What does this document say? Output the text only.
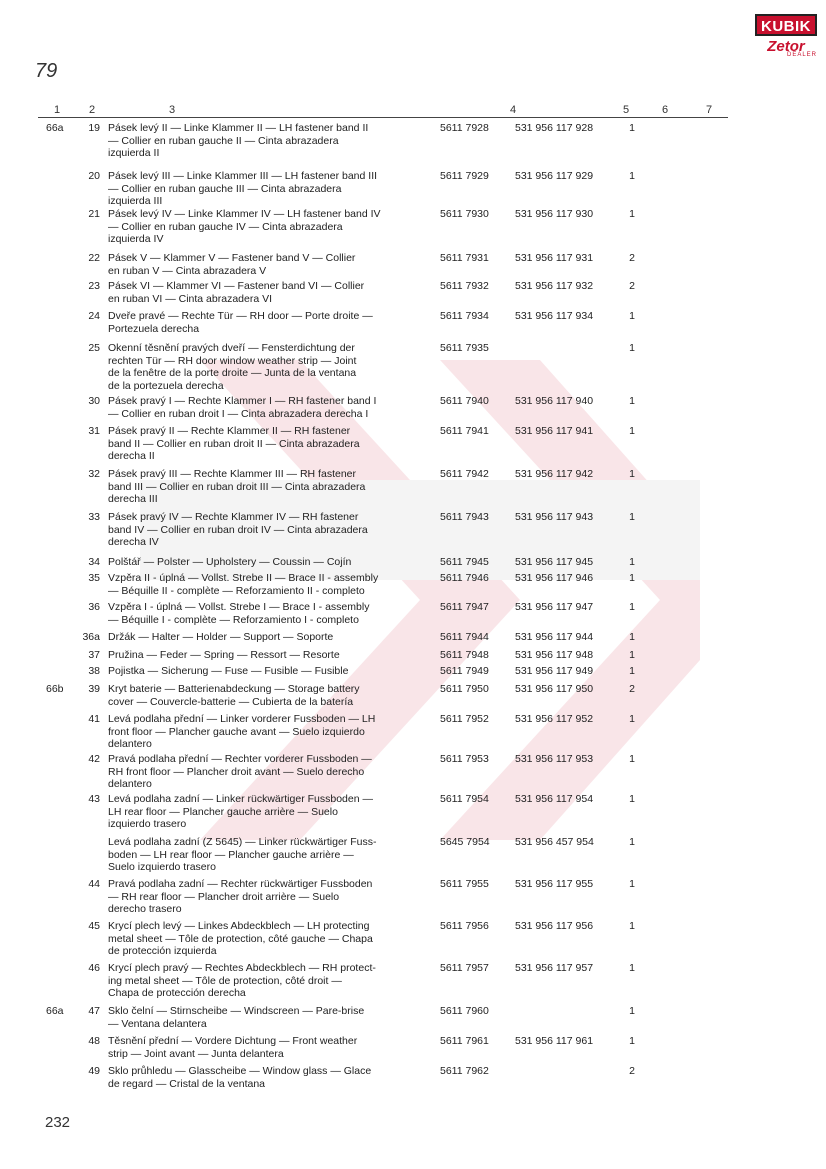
79
KUBIK
Zetor
DEALER
1	2	3	4	5	6	7
66a	19	5611 7928	531 956 117 928	1
Pásek levý II — Linke Klammer II — LH fastener band II
— Collier en ruban gauche II — Cinta abrazadera
izquierda II
20	5611 7929	531 956 117 929	1
Pásek levý III — Linke Klammer III — LH fastener band III
— Collier en ruban gauche III — Cinta abrazadera
izquierda III
21	5611 7930	531 956 117 930	1
Pásek levý IV — Linke Klammer IV — LH fastener band IV
— Collier en ruban gauche IV — Cinta abrazadera
izquierda IV
22	5611 7931	531 956 117 931	2
Pásek V — Klammer V — Fastener band V — Collier
en ruban V — Cinta abrazadera V
23	5611 7932	531 956 117 932	2
Pásek VI — Klammer VI — Fastener band VI — Collier
en ruban VI — Cinta abrazadera VI
24	5611 7934	531 956 117 934	1
Dveře pravé — Rechte Tür — RH door — Porte droite —
Portezuela derecha
25	5611 7935	1
Okenní těsnění pravých dveří — Fensterdichtung der
rechten Tür — RH door window weather strip — Joint
de la fenêtre de la porte droite — Junta de la ventana
de la portezuela derecha
30	5611 7940	531 956 117 940	1
Pásek pravý I — Rechte Klammer I — RH fastener band I
— Collier en ruban droit I — Cinta abrazadera derecha I
31	5611 7941	531 956 117 941	1
Pásek pravý II — Rechte Klammer II — RH fastener
band II — Collier en ruban droit II — Cinta abrazadera
derecha II
32	5611 7942	531 956 117 942	1
Pásek pravý III — Rechte Klammer III — RH fastener
band III — Collier en ruban droit III — Cinta abrazadera
derecha III
33	5611 7943	531 956 117 943	1
Pásek pravý IV — Rechte Klammer IV — RH fastener
band IV — Collier en ruban droit IV — Cinta abrazadera
derecha IV
34	5611 7945	531 956 117 945	1
Polštář — Polster — Upholstery — Coussin — Cojín
35	5611 7946	531 956 117 946	1
Vzpěra II - úplná — Vollst. Strebe II — Brace II - assembly
— Béquille II - complète — Reforzamiento II - completo
36	5611 7947	531 956 117 947	1
Vzpěra I - úplná — Vollst. Strebe I — Brace I - assembly
— Béquille I - complète — Reforzamiento I - completo
36a	5611 7944	531 956 117 944	1
Držák — Halter — Holder — Support — Soporte
37	5611 7948	531 956 117 948	1
Pružina — Feder — Spring — Ressort — Resorte
38	5611 7949	531 956 117 949	1
Pojistka — Sicherung — Fuse — Fusible — Fusible
66b	39	5611 7950	531 956 117 950	2
Kryt baterie — Batterienabdeckung — Storage battery
cover — Couvercle-batterie — Cubierta de la batería
41	5611 7952	531 956 117 952	1
Levá podlaha přední — Linker vorderer Fussboden — LH
front floor — Plancher gauche avant — Suelo izquierdo
delantero
42	5611 7953	531 956 117 953	1
Pravá podlaha přední — Rechter vorderer Fussboden —
RH front floor — Plancher droit avant — Suelo derecho
delantero
43	5611 7954	531 956 117 954	1
Levá podlaha zadní — Linker rückwärtiger Fussboden —
LH rear floor — Plancher gauche arrière — Suelo
izquierdo trasero
5645 7954	531 956 457 954	1
Levá podlaha zadní (Z 5645) — Linker rückwärtiger Fuss-
boden — LH rear floor — Plancher gauche arrière —
Suelo izquierdo trasero
44	5611 7955	531 956 117 955	1
Pravá podlaha zadní — Rechter rückwärtiger Fussboden
— RH rear floor — Plancher droit arrière — Suelo
derecho trasero
45	5611 7956	531 956 117 956	1
Krycí plech levý — Linkes Abdeckblech — LH protecting
metal sheet — Tôle de protection, côté gauche — Chapa
de protección izquierda
46	5611 7957	531 956 117 957	1
Krycí plech pravý — Rechtes Abdeckblech — RH protect-
ing metal sheet — Tôle de protection, côté droit —
Chapa de protección derecha
66a	47	5611 7960	1
Sklo čelní — Stirnscheibe — Windscreen — Pare-brise
— Ventana delantera
48	5611 7961	531 956 117 961	1
Těsnění přední — Vordere Dichtung — Front weather
strip — Joint avant — Junta delantera
49	5611 7962	2
Sklo průhledu — Glasscheibe — Window glass — Glace
de regard — Cristal de la ventana
232
